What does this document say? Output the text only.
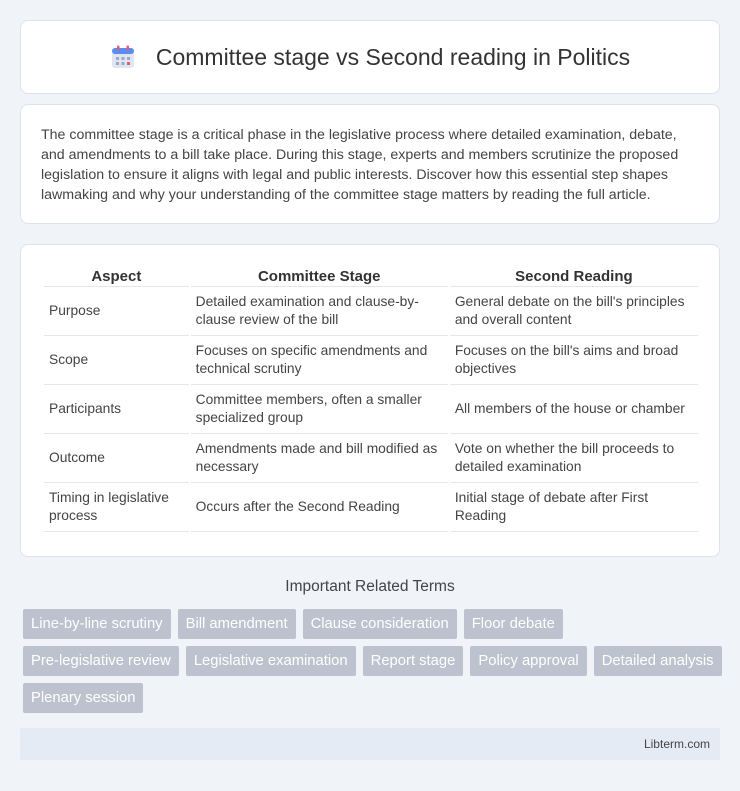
Committee stage vs Second reading in Politics

The committee stage is a critical phase in the legislative process where detailed examination, debate, and amendments to a bill take place. During this stage, experts and members scrutinize the proposed legislation to ensure it aligns with legal and public interests. Discover how this essential step shapes lawmaking and why your understanding of the committee stage matters by reading the full article.

Aspect	Committee Stage	Second Reading
Purpose	Detailed examination and clause-by-clause review of the bill	General debate on the bill's principles and overall content
Scope	Focuses on specific amendments and technical scrutiny	Focuses on the bill's aims and broad objectives
Participants	Committee members, often a smaller specialized group	All members of the house or chamber
Outcome	Amendments made and bill modified as necessary	Vote on whether the bill proceeds to detailed examination
Timing in legislative process	Occurs after the Second Reading	Initial stage of debate after First Reading
Important Related Terms
Line-by-line scrutiny	Bill amendment	Clause consideration	Floor debate
Pre-legislative review	Legislative examination	Report stage	Policy approval	Detailed analysis
Plenary session
Libterm.com
